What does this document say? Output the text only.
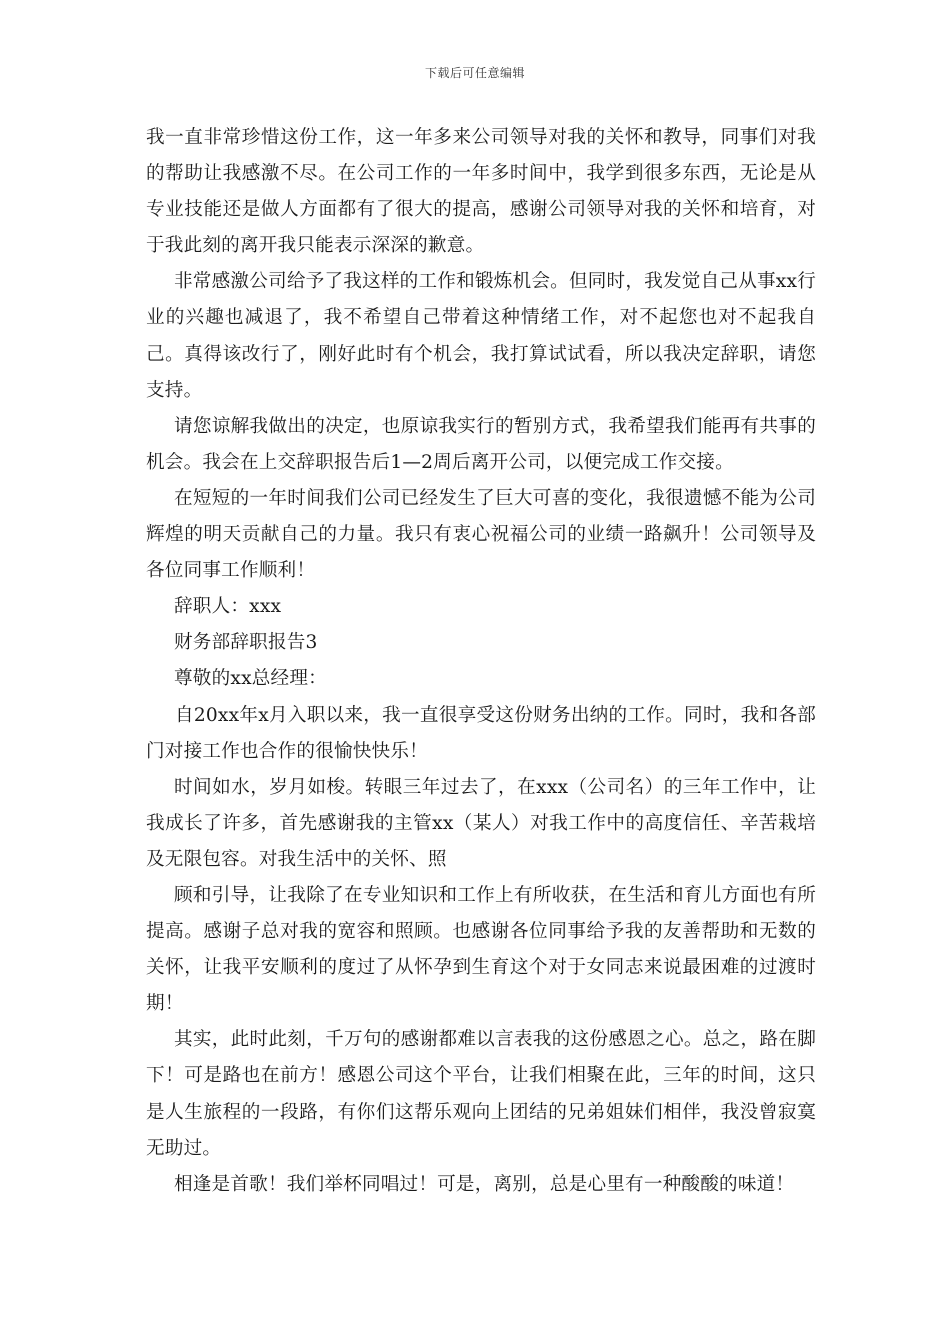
下载后可任意编辑

我一直非常珍惜这份工作，这一年多来公司领导对我的关怀和教导，同事们对我的帮助让我感激不尽。在公司工作的一年多时间中，我学到很多东西，无论是从专业技能还是做人方面都有了很大的提高，感谢公司领导对我的关怀和培育，对于我此刻的离开我只能表示深深的歉意。

非常感激公司给予了我这样的工作和锻炼机会。但同时，我发觉自己从事xx行业的兴趣也减退了，我不希望自己带着这种情绪工作，对不起您也对不起我自己。真得该改行了，刚好此时有个机会，我打算试试看，所以我决定辞职，请您支持。

请您谅解我做出的决定，也原谅我实行的暂别方式，我希望我们能再有共事的机会。我会在上交辞职报告后1—2周后离开公司，以便完成工作交接。

在短短的一年时间我们公司已经发生了巨大可喜的变化，我很遗憾不能为公司辉煌的明天贡献自己的力量。我只有衷心祝福公司的业绩一路飙升！公司领导及各位同事工作顺利！

辞职人：xxx

财务部辞职报告3

尊敬的xx总经理：

自20xx年x月入职以来，我一直很享受这份财务出纳的工作。同时，我和各部门对接工作也合作的很愉快快乐！

时间如水，岁月如梭。转眼三年过去了，在xxx（公司名）的三年工作中，让我成长了许多，首先感谢我的主管xx（某人）对我工作中的高度信任、辛苦栽培及无限包容。对我生活中的关怀、照

顾和引导，让我除了在专业知识和工作上有所收获，在生活和育儿方面也有所提高。感谢子总对我的宽容和照顾。也感谢各位同事给予我的友善帮助和无数的关怀，让我平安顺利的度过了从怀孕到生育这个对于女同志来说最困难的过渡时期！

其实，此时此刻，千万句的感谢都难以言表我的这份感恩之心。总之，路在脚下！可是路也在前方！感恩公司这个平台，让我们相聚在此，三年的时间，这只是人生旅程的一段路，有你们这帮乐观向上团结的兄弟姐妹们相伴，我没曾寂寞无助过。

相逢是首歌！我们举杯同唱过！可是，离别，总是心里有一种酸酸的味道！
